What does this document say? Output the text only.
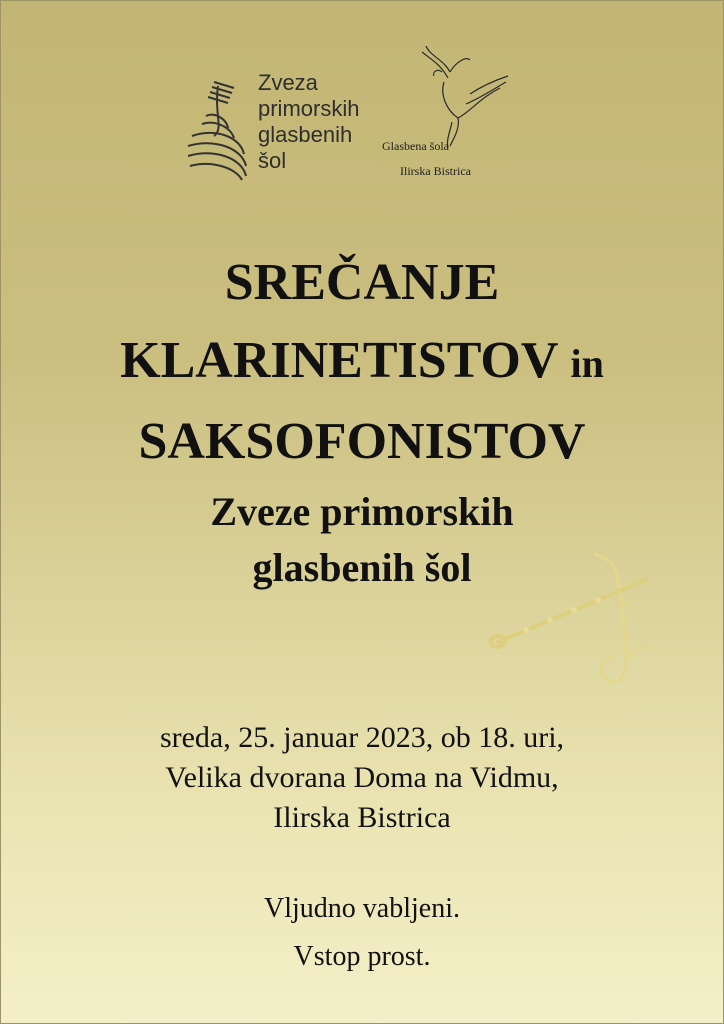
Zveza
primorskih
glasbenih
šol
Glasbena šola
Ilirska Bistrica
SREČANJE
KLARINETISTOV in
SAKSOFONISTOV
Zveze primorskih
glasbenih šol
sreda, 25. januar 2023, ob 18. uri,
Velika dvorana Doma na Vidmu,
Ilirska Bistrica
Vljudno vabljeni.
Vstop prost.
